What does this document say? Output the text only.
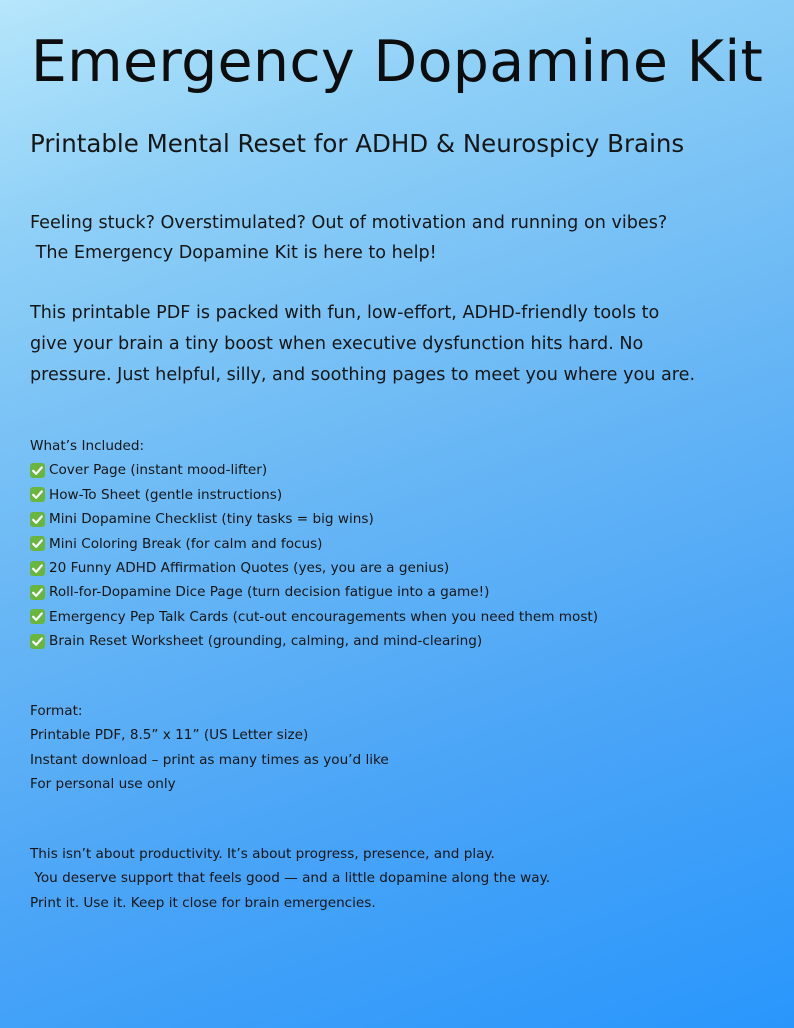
Emergency Dopamine Kit
Printable Mental Reset for ADHD & Neurospicy Brains

Feeling stuck? Overstimulated? Out of motivation and running on vibes?

The Emergency Dopamine Kit is here to help!

This printable PDF is packed with fun, low-effort, ADHD-friendly tools to

give your brain a tiny boost when executive dysfunction hits hard. No

pressure. Just helpful, silly, and soothing pages to meet you where you are.

What’s Included:

Cover Page (instant mood-lifter)
How-To Sheet (gentle instructions)
Mini Dopamine Checklist (tiny tasks = big wins)
Mini Coloring Break (for calm and focus)
20 Funny ADHD Affirmation Quotes (yes, you are a genius)
Roll-for-Dopamine Dice Page (turn decision fatigue into a game!)
Emergency Pep Talk Cards (cut-out encouragements when you need them most)
Brain Reset Worksheet (grounding, calming, and mind-clearing)

Format:

Printable PDF, 8.5” x 11” (US Letter size)

Instant download – print as many times as you’d like

For personal use only

This isn’t about productivity. It’s about progress, presence, and play.

You deserve support that feels good — and a little dopamine along the way.

Print it. Use it. Keep it close for brain emergencies.
